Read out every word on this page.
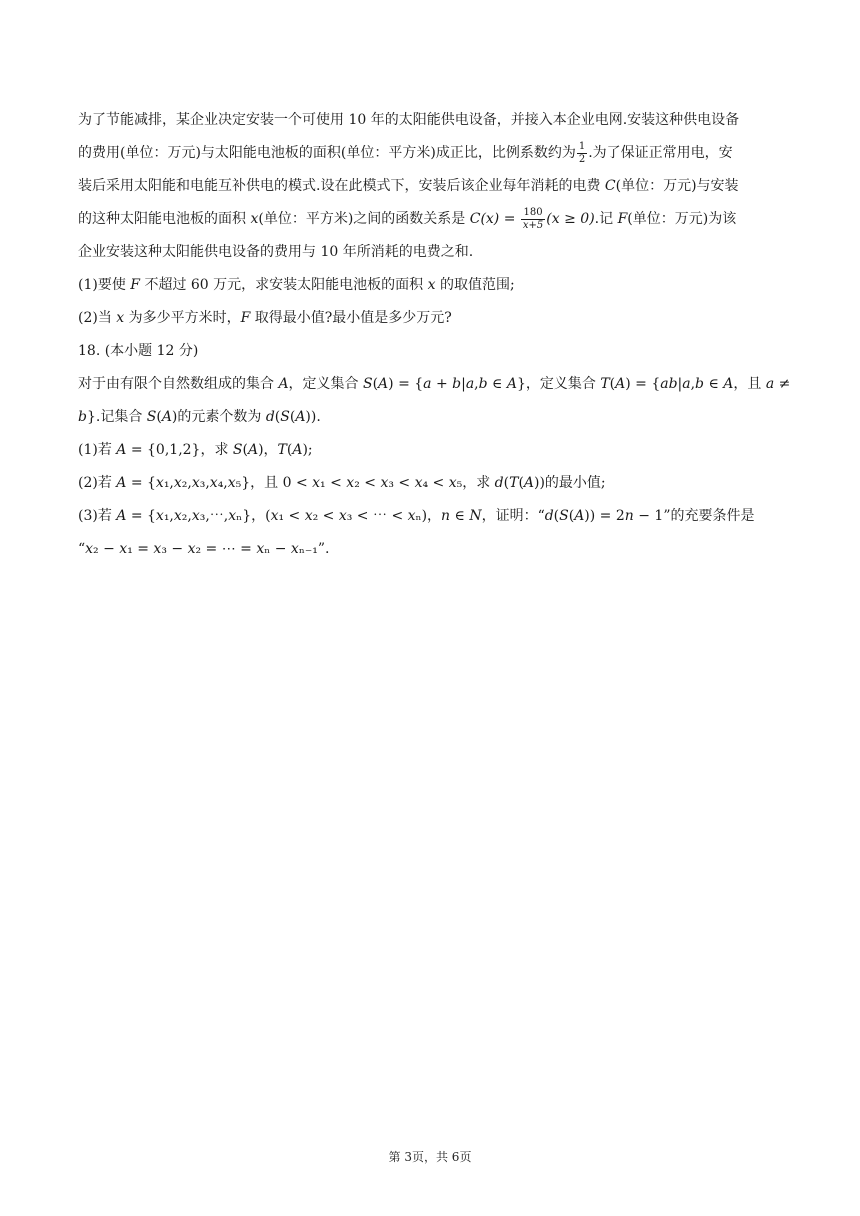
为了节能减排，某企业决定安装一个可使用 10 年的太阳能供电设备，并接入本企业电网.安装这种供电设备
的费用(单位：万元)与太阳能电池板的面积(单位：平方米)成正比，比例系数约为 $\frac{1}{2}$ .为了保证正常用电，安
装后采用太阳能和电能互补供电的模式.设在此模式下，安装后该企业每年消耗的电费 C(单位：万元)与安装
的这种太阳能电池板的面积 x(单位：平方米)之间的函数关系是 $C(x) = \frac{180}{x+5} (x \ge 0)$.记 F(单位：万元)为该
企业安装这种太阳能供电设备的费用与 10 年所消耗的电费之和.
(1)要使 𝐹 不超过 60 万元，求安装太阳能电池板的面积 𝑥 的取值范围;
(2)当 𝑥 为多少平方米时，𝐹 取得最小值?最小值是多少万元?
18. (本小题 12 分)
对于由有限个自然数组成的集合 𝐴，定义集合 𝑆(𝐴) = {𝑎 + 𝑏|𝑎,𝑏 ∈ 𝐴}，定义集合 𝑇(𝐴) = {𝑎𝑏|𝑎,𝑏 ∈ 𝐴，且 𝑎 ≠
𝑏}.记集合 𝑆(𝐴)的元素个数为 𝑑(𝑆(𝐴)).
(1)若 𝐴 = {0,1,2}，求 𝑆(𝐴)，𝑇(𝐴);
(2)若 𝐴 = {𝑥₁,𝑥₂,𝑥₃,𝑥₄,𝑥₅}，且 0 < 𝑥₁ < 𝑥₂ < 𝑥₃ < 𝑥₄ < 𝑥₅，求 𝑑(𝑇(𝐴))的最小值;
(3)若 𝐴 = {𝑥₁,𝑥₂,𝑥₃,⋯,𝑥ₙ}，(𝑥₁ < 𝑥₂ < 𝑥₃ < ⋯ < 𝑥ₙ)，𝑛 ∈ 𝑁，证明：“𝑑(𝑆(𝐴)) = 2𝑛 − 1”的充要条件是
“𝑥₂ − 𝑥₁ = 𝑥₃ − 𝑥₂ = ⋯ = 𝑥ₙ − 𝑥ₙ₋₁”.
第 3页，共 6页
